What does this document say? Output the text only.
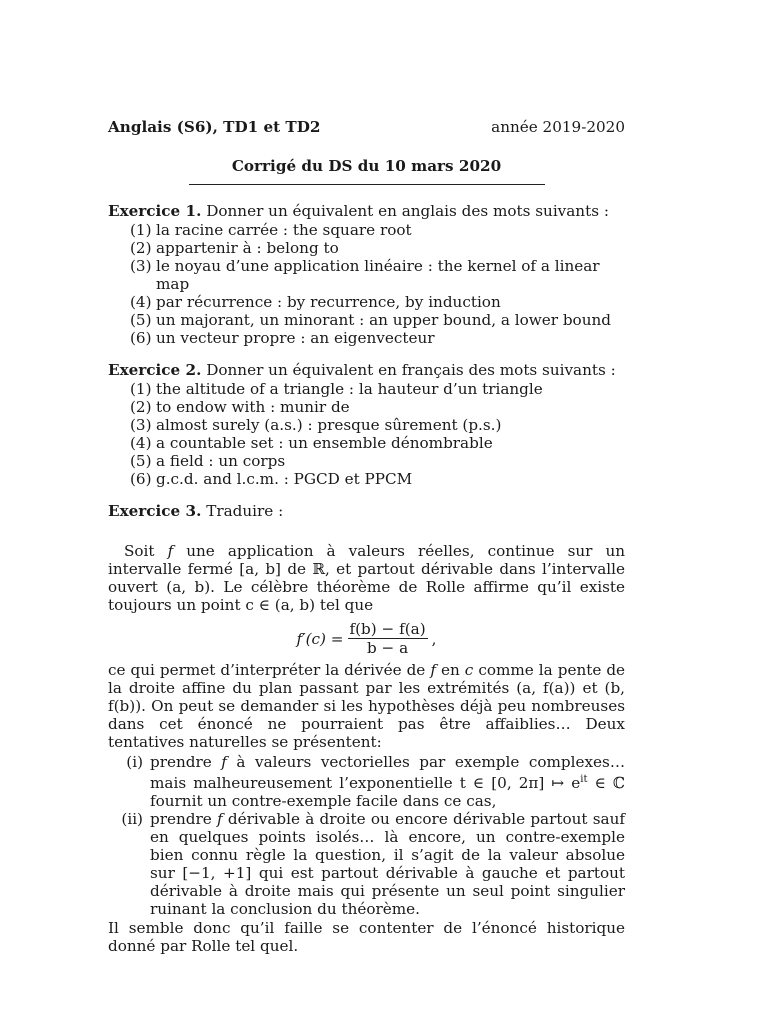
Anglais (S6), TD1 et TD2	année 2019-2020
Corrigé du DS du 10 mars 2020
Exercice 1. Donner un équivalent en anglais des mots suivants :
(1) la racine carrée : the square root
(2) appartenir à : belong to
(3) le noyau d’une application linéaire : the kernel of a linear map
(4) par récurrence : by recurrence, by induction
(5) un majorant, un minorant : an upper bound, a lower bound
(6) un vecteur propre : an eigenvecteur
Exercice 2. Donner un équivalent en français des mots suivants :
(1) the altitude of a triangle : la hauteur d’un triangle
(2) to endow with : munir de
(3) almost surely (a.s.) : presque sûrement (p.s.)
(4) a countable set : un ensemble dénombrable
(5) a field : un corps
(6) g.c.d. and l.c.m. : PGCD et PPCM
Exercice 3. Traduire :
Soit f une application à valeurs réelles, continue sur un intervalle fermé [a, b] de ℝ, et partout dérivable dans l’intervalle ouvert (a, b). Le célèbre théorème de Rolle affirme qu’il existe toujours un point c ∈ (a, b) tel que
$f'(c) = \frac{f(b) - f(a)}{b - a}$ ,
ce qui permet d’interpréter la dérivée de f en c comme la pente de la droite affine du plan passant par les extrémités (a, f(a)) et (b, f(b)). On peut se demander si les hypothèses déjà peu nombreuses dans cet énoncé ne pourraient pas être affaiblies… Deux tentatives naturelles se présentent:
(i) prendre f à valeurs vectorielles par exemple complexes… mais malheureusement l’exponentielle t ∈ [0, 2π] ↦ $e^{it}$ ∈ ℂ fournit un contre-exemple facile dans ce cas,
(ii) prendre f dérivable à droite ou encore dérivable partout sauf en quelques points isolés… là encore, un contre-exemple bien connu règle la question, il s’agit de la valeur absolue sur [−1, +1] qui est partout dérivable à gauche et partout dérivable à droite mais qui présente un seul point singulier ruinant la conclusion du théorème.
Il semble donc qu’il faille se contenter de l’énoncé historique donné par Rolle tel quel.
